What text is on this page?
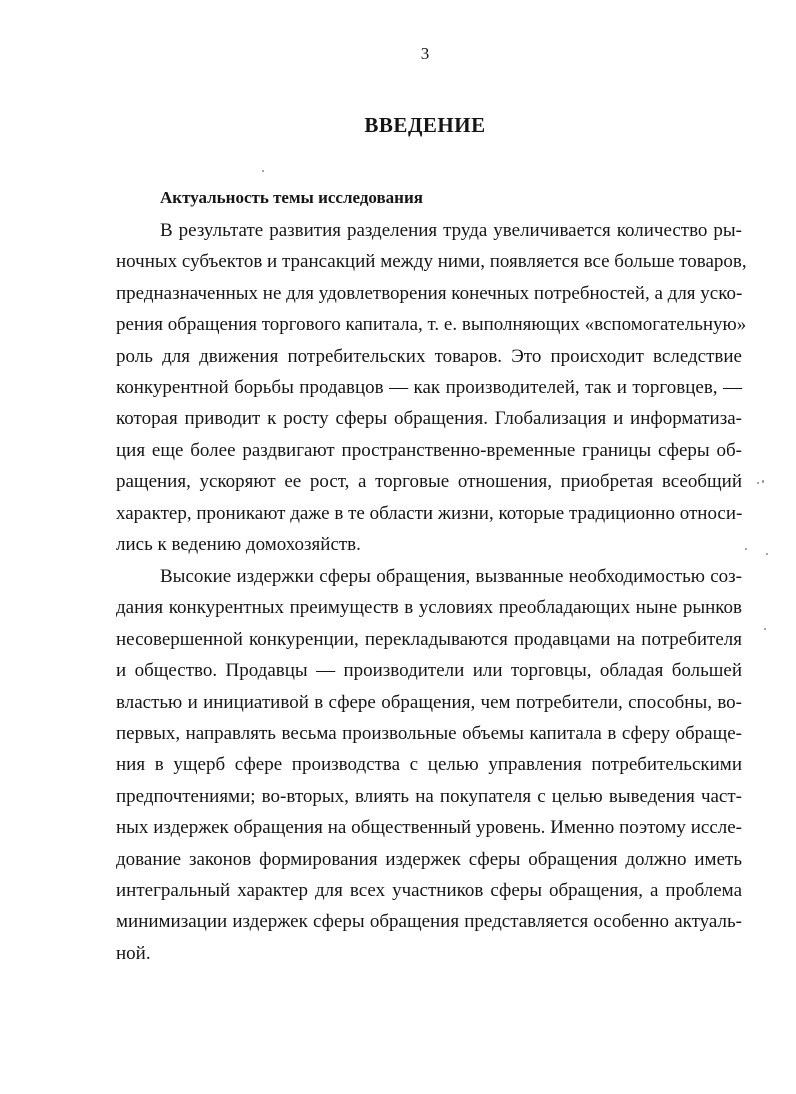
3
ВВЕДЕНИЕ
Актуальность темы исследования
В результате развития разделения труда увеличивается количество ры-
ночных субъектов и трансакций между ними, появляется все больше товаров,
предназначенных не для удовлетворения конечных потребностей, а для уско-
рения обращения торгового капитала, т. е. выполняющих «вспомогательную»
роль для движения потребительских товаров. Это происходит вследствие
конкурентной борьбы продавцов — как производителей, так и торговцев, —
которая приводит к росту сферы обращения. Глобализация и информатиза-
ция еще более раздвигают пространственно-временные границы сферы об-
ращения, ускоряют ее рост, а торговые отношения, приобретая всеобщий
характер, проникают даже в те области жизни, которые традиционно относи-
лись к ведению домохозяйств.
Высокие издержки сферы обращения, вызванные необходимостью соз-
дания конкурентных преимуществ в условиях преобладающих ныне рынков
несовершенной конкуренции, перекладываются продавцами на потребителя
и общество. Продавцы — производители или торговцы, обладая большей
властью и инициативой в сфере обращения, чем потребители, способны, во-
первых, направлять весьма произвольные объемы капитала в сферу обраще-
ния в ущерб сфере производства с целью управления потребительскими
предпочтениями; во-вторых, влиять на покупателя с целью выведения част-
ных издержек обращения на общественный уровень. Именно поэтому иссле-
дование законов формирования издержек сферы обращения должно иметь
интегральный характер для всех участников сферы обращения, а проблема
минимизации издержек сферы обращения представляется особенно актуаль-
ной.
